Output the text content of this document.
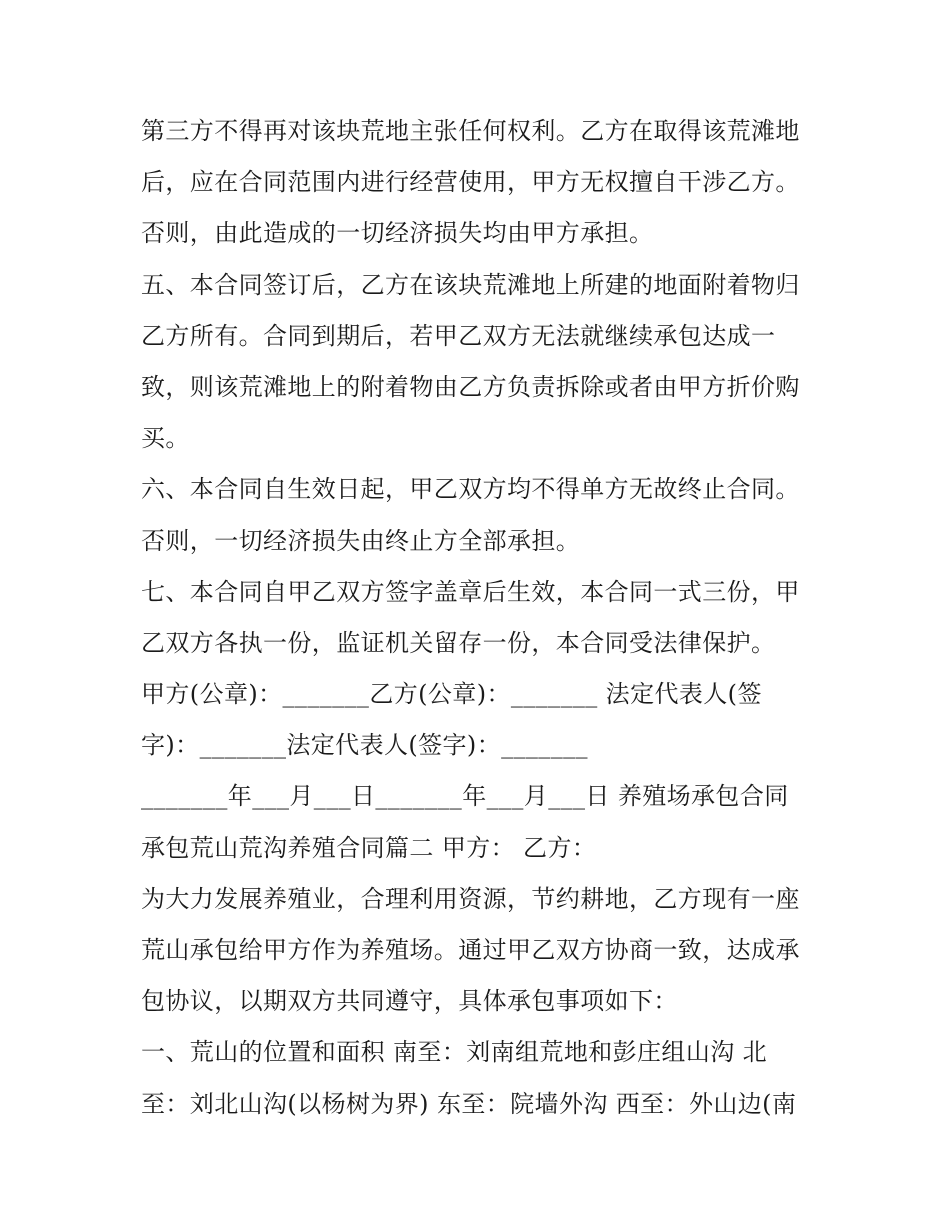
第三方不得再对该块荒地主张任何权利。乙方在取得该荒滩地
后，应在合同范围内进行经营使用，甲方无权擅自干涉乙方。
否则，由此造成的一切经济损失均由甲方承担。
五、本合同签订后，乙方在该块荒滩地上所建的地面附着物归
乙方所有。合同到期后，若甲乙双方无法就继续承包达成一
致，则该荒滩地上的附着物由乙方负责拆除或者由甲方折价购
买。
六、本合同自生效日起，甲乙双方均不得单方无故终止合同。
否则，一切经济损失由终止方全部承担。
七、本合同自甲乙双方签字盖章后生效，本合同一式三份，甲
乙双方各执一份，监证机关留存一份，本合同受法律保护。
甲方(公章)：_______乙方(公章)：_______ 法定代表人(签
字)：_______法定代表人(签字)：_______
_______年___月___日_______年___月___日 养殖场承包合同
承包荒山荒沟养殖合同篇二 甲方： 乙方：
为大力发展养殖业，合理利用资源，节约耕地，乙方现有一座
荒山承包给甲方作为养殖场。通过甲乙双方协商一致，达成承
包协议，以期双方共同遵守，具体承包事项如下：
一、荒山的位置和面积 南至：刘南组荒地和彭庄组山沟 北
至：刘北山沟(以杨树为界) 东至：院墙外沟 西至：外山边(南
